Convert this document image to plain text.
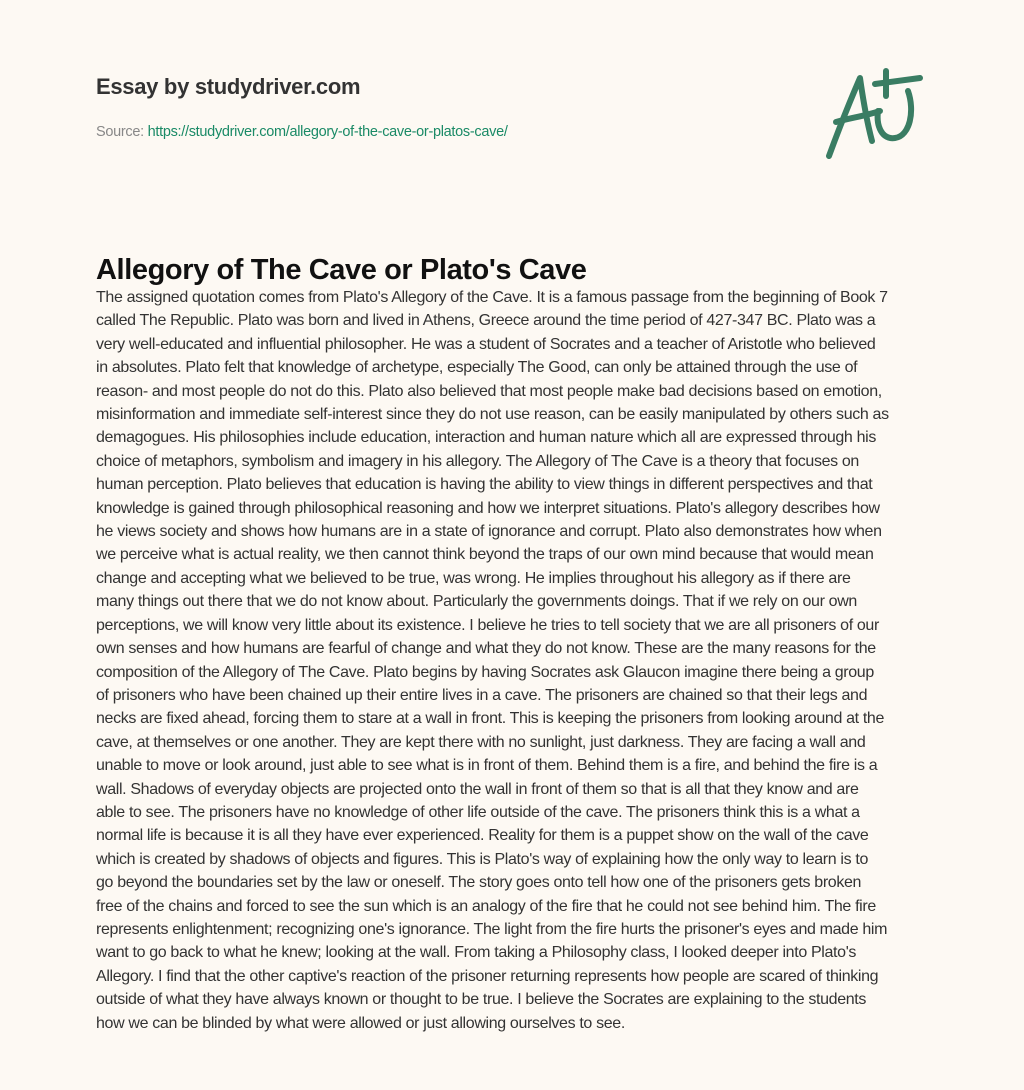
Essay by studydriver.com
Source: https://studydriver.com/allegory-of-the-cave-or-platos-cave/
Allegory of The Cave or Plato's Cave
The assigned quotation comes from Plato's Allegory of the Cave. It is a famous passage from the beginning of Book 7
called The Republic. Plato was born and lived in Athens, Greece around the time period of 427-347 BC. Plato was a
very well-educated and influential philosopher. He was a student of Socrates and a teacher of Aristotle who believed
in absolutes. Plato felt that knowledge of archetype, especially The Good, can only be attained through the use of
reason- and most people do not do this. Plato also believed that most people make bad decisions based on emotion,
misinformation and immediate self-interest since they do not use reason, can be easily manipulated by others such as
demagogues. His philosophies include education, interaction and human nature which all are expressed through his
choice of metaphors, symbolism and imagery in his allegory. The Allegory of The Cave is a theory that focuses on
human perception. Plato believes that education is having the ability to view things in different perspectives and that
knowledge is gained through philosophical reasoning and how we interpret situations. Plato's allegory describes how
he views society and shows how humans are in a state of ignorance and corrupt. Plato also demonstrates how when
we perceive what is actual reality, we then cannot think beyond the traps of our own mind because that would mean
change and accepting what we believed to be true, was wrong. He implies throughout his allegory as if there are
many things out there that we do not know about. Particularly the governments doings. That if we rely on our own
perceptions, we will know very little about its existence. I believe he tries to tell society that we are all prisoners of our
own senses and how humans are fearful of change and what they do not know. These are the many reasons for the
composition of the Allegory of The Cave. Plato begins by having Socrates ask Glaucon imagine there being a group
of prisoners who have been chained up their entire lives in a cave. The prisoners are chained so that their legs and
necks are fixed ahead, forcing them to stare at a wall in front. This is keeping the prisoners from looking around at the
cave, at themselves or one another. They are kept there with no sunlight, just darkness. They are facing a wall and
unable to move or look around, just able to see what is in front of them. Behind them is a fire, and behind the fire is a
wall. Shadows of everyday objects are projected onto the wall in front of them so that is all that they know and are
able to see. The prisoners have no knowledge of other life outside of the cave. The prisoners think this is a what a
normal life is because it is all they have ever experienced. Reality for them is a puppet show on the wall of the cave
which is created by shadows of objects and figures. This is Plato's way of explaining how the only way to learn is to
go beyond the boundaries set by the law or oneself. The story goes onto tell how one of the prisoners gets broken
free of the chains and forced to see the sun which is an analogy of the fire that he could not see behind him. The fire
represents enlightenment; recognizing one's ignorance. The light from the fire hurts the prisoner's eyes and made him
want to go back to what he knew; looking at the wall. From taking a Philosophy class, I looked deeper into Plato's
Allegory. I find that the other captive's reaction of the prisoner returning represents how people are scared of thinking
outside of what they have always known or thought to be true. I believe the Socrates are explaining to the students
how we can be blinded by what were allowed or just allowing ourselves to see.
